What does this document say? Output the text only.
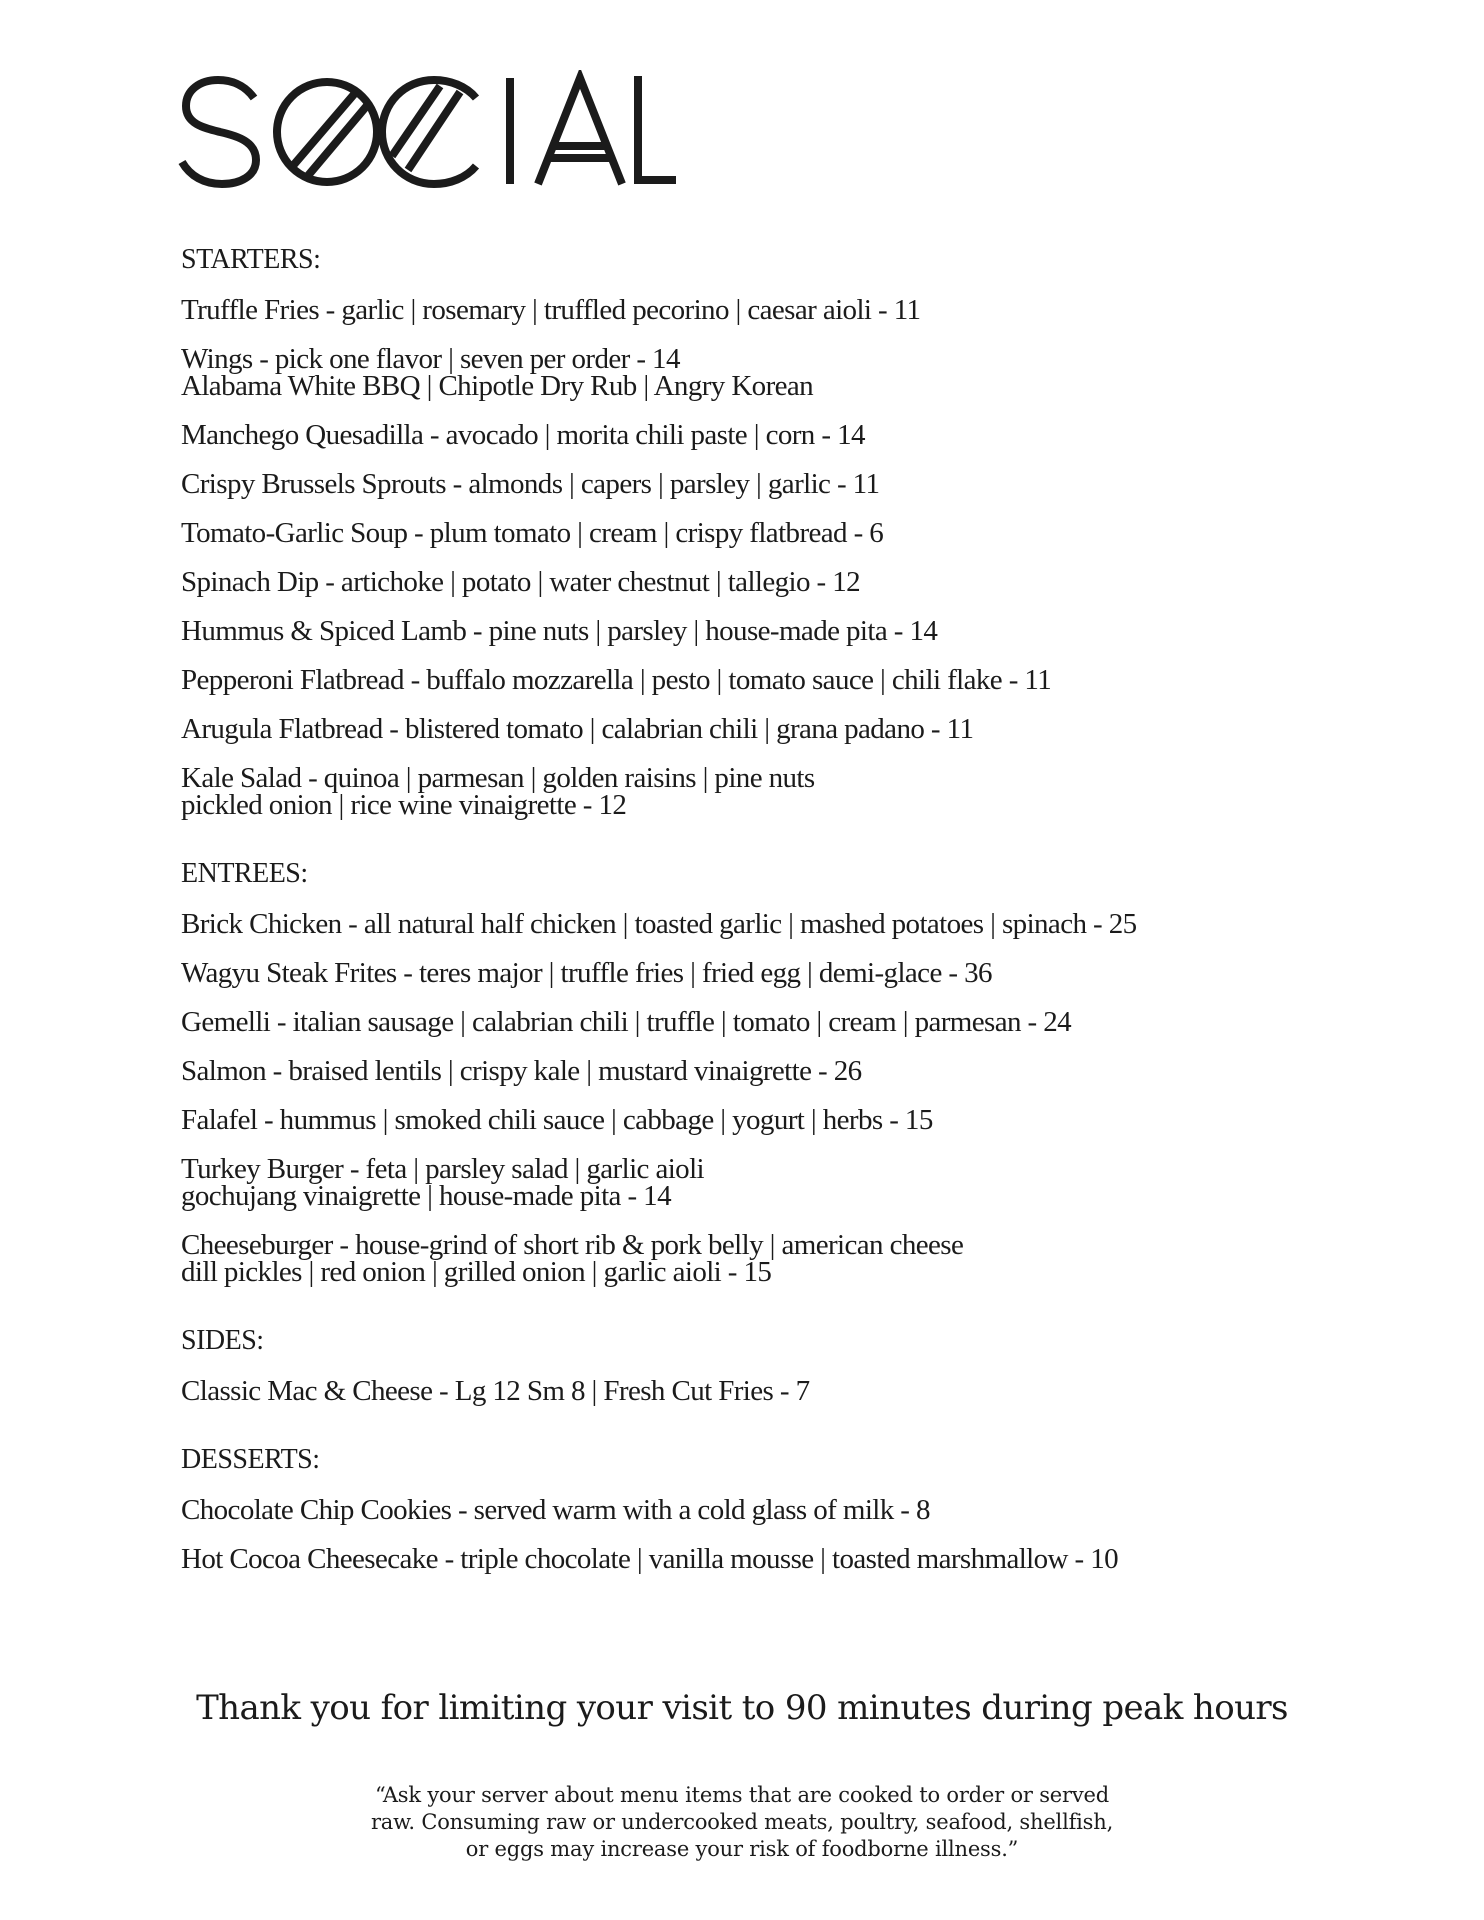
STARTERS:
Truffle Fries - garlic | rosemary | truffled pecorino | caesar aioli - 11
Wings - pick one flavor | seven per order - 14
Alabama White BBQ | Chipotle Dry Rub | Angry Korean
Manchego Quesadilla - avocado | morita chili paste | corn - 14
Crispy Brussels Sprouts - almonds | capers | parsley | garlic - 11
Tomato-Garlic Soup - plum tomato | cream | crispy flatbread - 6
Spinach Dip - artichoke | potato | water chestnut | tallegio - 12
Hummus & Spiced Lamb - pine nuts | parsley | house-made pita - 14
Pepperoni Flatbread - buffalo mozzarella | pesto | tomato sauce | chili flake - 11
Arugula Flatbread - blistered tomato | calabrian chili | grana padano - 11
Kale Salad - quinoa | parmesan | golden raisins | pine nuts
pickled onion | rice wine vinaigrette - 12
ENTREES:
Brick Chicken - all natural half chicken | toasted garlic | mashed potatoes | spinach - 25
Wagyu Steak Frites - teres major | truffle fries | fried egg | demi-glace - 36
Gemelli - italian sausage | calabrian chili | truffle | tomato | cream | parmesan - 24
Salmon - braised lentils | crispy kale | mustard vinaigrette - 26
Falafel - hummus | smoked chili sauce | cabbage | yogurt | herbs - 15
Turkey Burger - feta | parsley salad | garlic aioli
gochujang vinaigrette | house-made pita - 14
Cheeseburger - house-grind of short rib & pork belly | american cheese
dill pickles | red onion | grilled onion | garlic aioli - 15
SIDES:
Classic Mac & Cheese - Lg 12 Sm 8 | Fresh Cut Fries - 7
DESSERTS:
Chocolate Chip Cookies - served warm with a cold glass of milk - 8
Hot Cocoa Cheesecake - triple chocolate | vanilla mousse | toasted marshmallow - 10
Thank you for limiting your visit to 90 minutes during peak hours
“Ask your server about menu items that are cooked to order or served
raw. Consuming raw or undercooked meats, poultry, seafood, shellfish,
or eggs may increase your risk of foodborne illness.”
